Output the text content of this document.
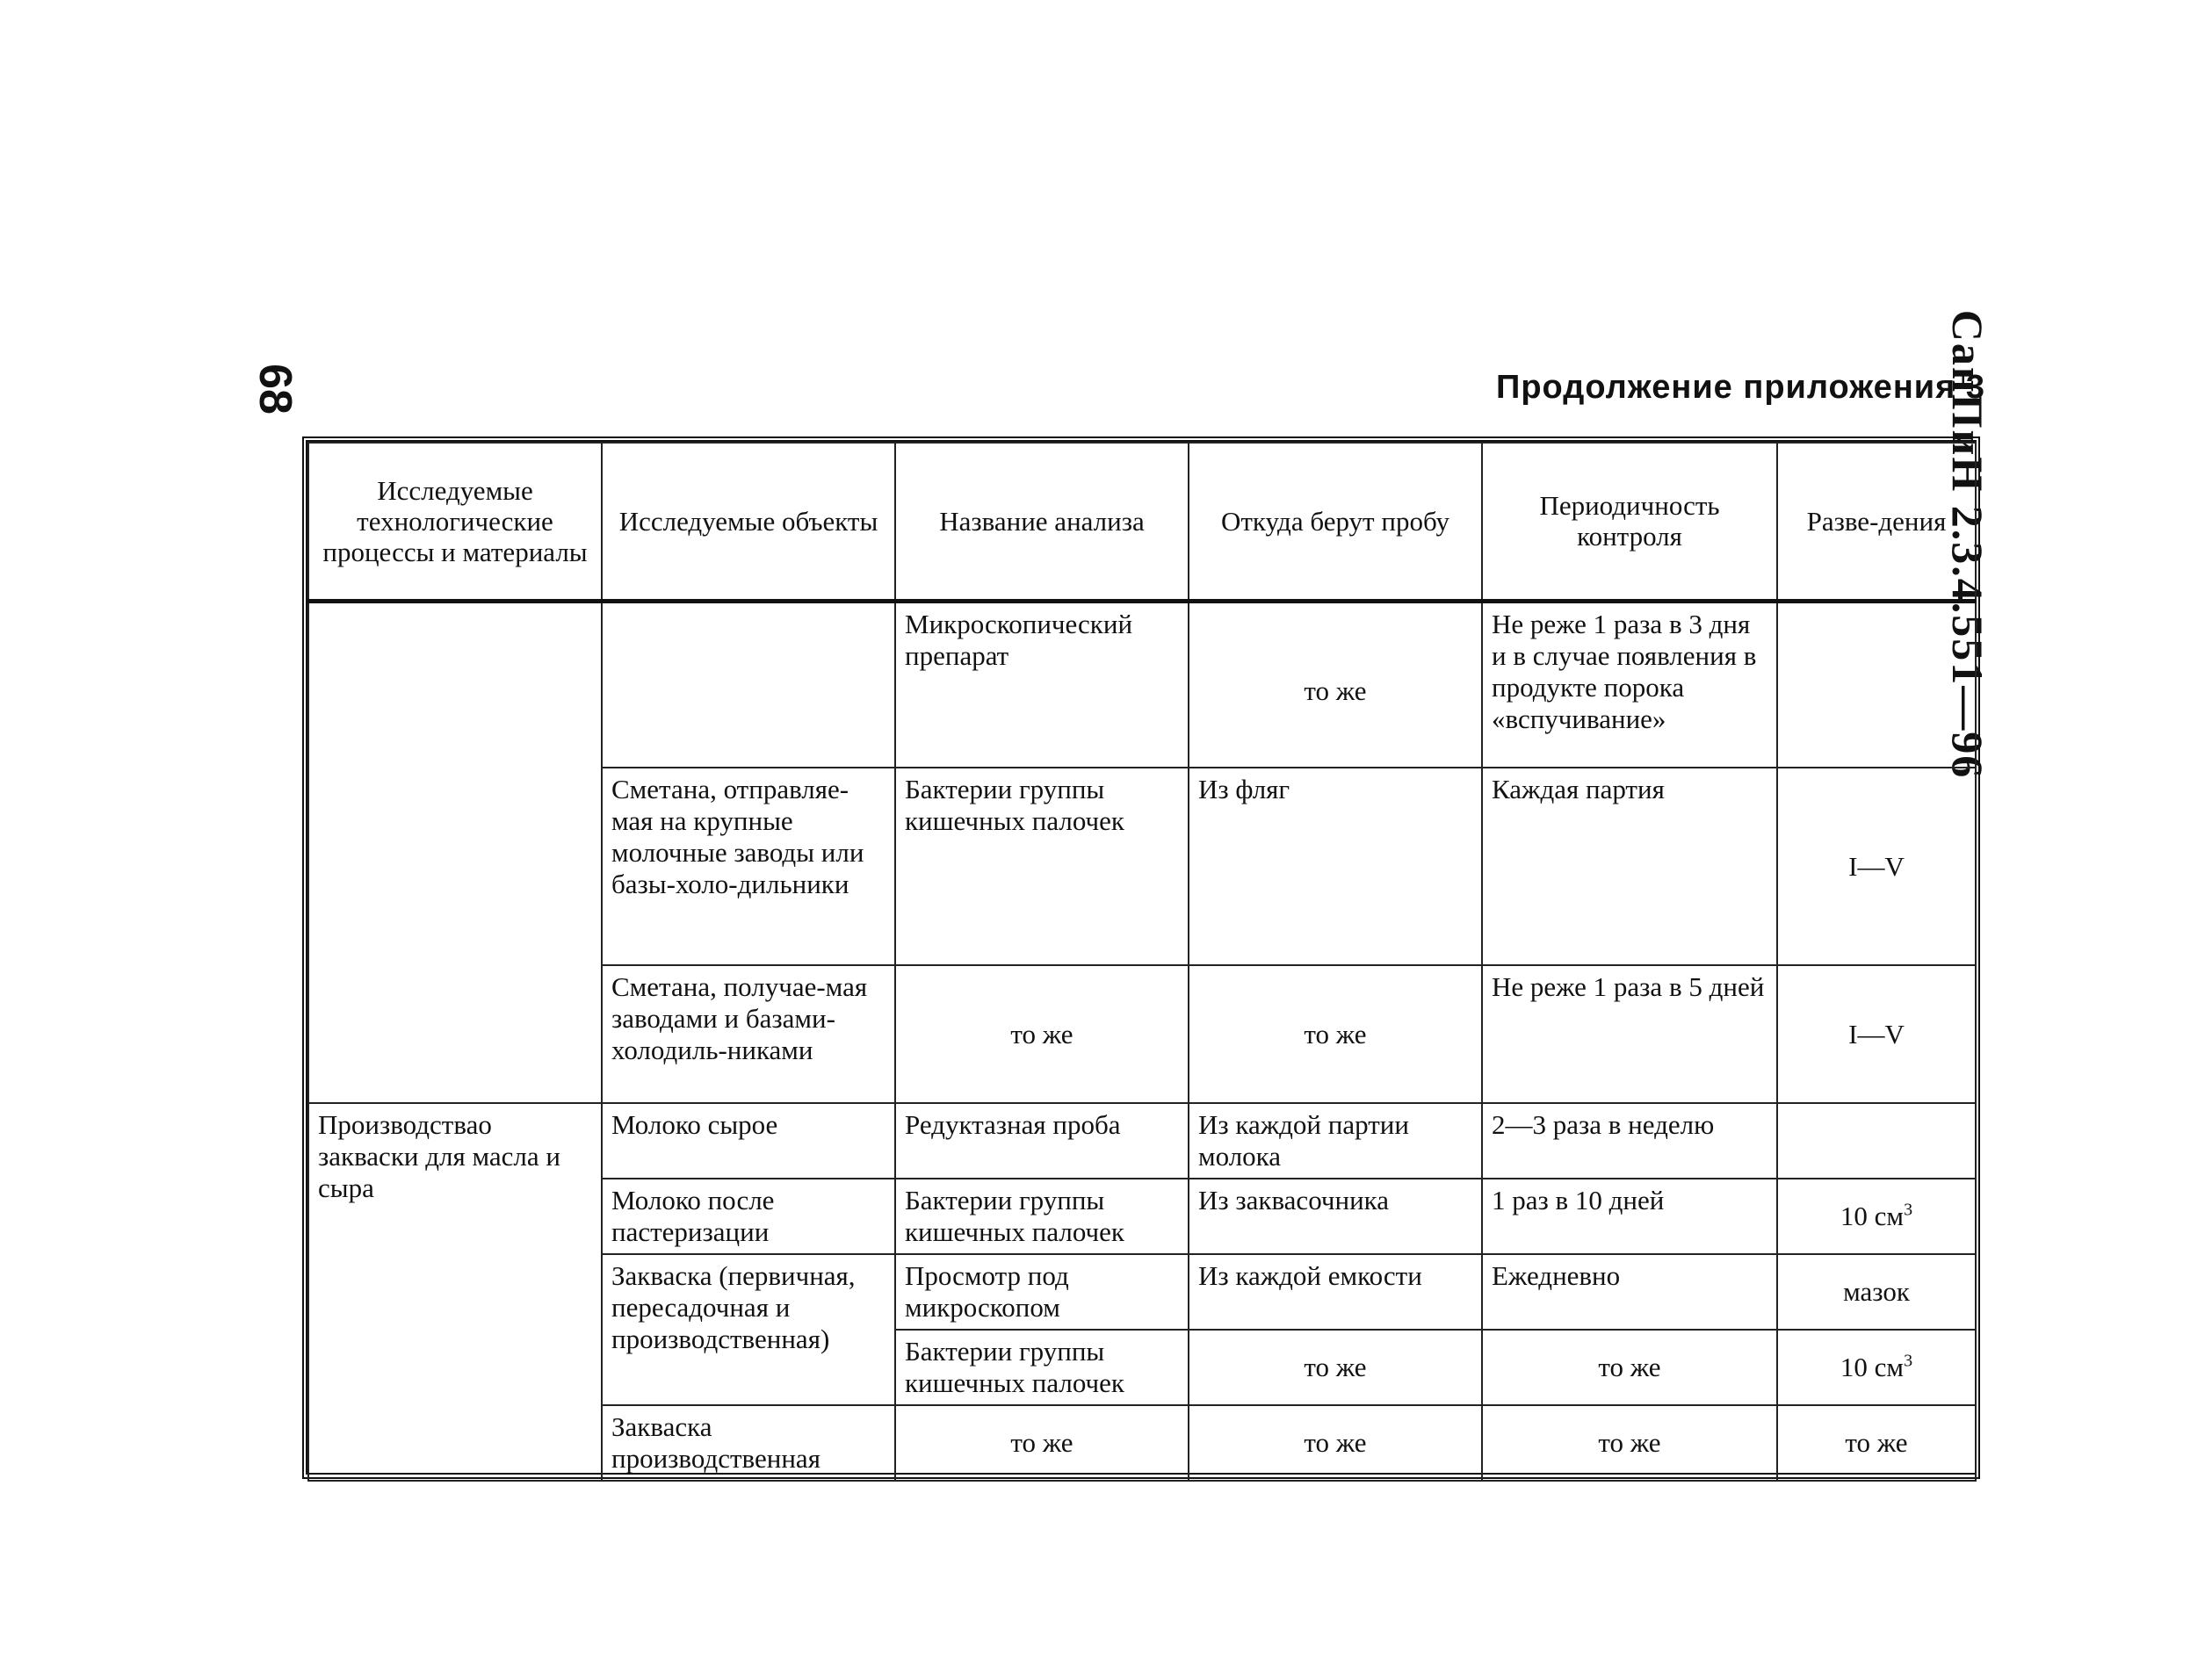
68	Продолжение приложения 3
СанПиН 2.3.4.551—96
Исследуемые технологические процессы и материалы	Исследуемые объекты	Название анализа	Откуда берут пробу	Периодичность контроля	Разве-дения
		Микроскопический препарат	то же	Не реже 1 раза в 3 дня и в случае появления в продукте порока «вспучивание»	
	Сметана, отправляе-мая на крупные молочные заводы или базы-холо-дильники	Бактерии группы кишечных палочек	Из фляг	Каждая партия	I—V
	Сметана, получае-мая заводами и базами-холодиль-никами	то же	то же	Не реже 1 раза в 5 дней	I—V
Производствао закваски для масла и сыра	Молоко сырое	Редуктазная проба	Из каждой партии молока	2—3 раза в неделю	
	Молоко после пастеризации	Бактерии группы кишечных палочек	Из заквасочника	1 раз в 10 дней	10 $см^3$
	Закваска (первичная, пересадочная и производственная)	Просмотр под микроскопом	Из каждой емкости	Ежедневно	мазок
		Бактерии группы кишечных палочек	то же	то же	10 $см^3$
	Закваска производственная	то же	то же	то же	то же
